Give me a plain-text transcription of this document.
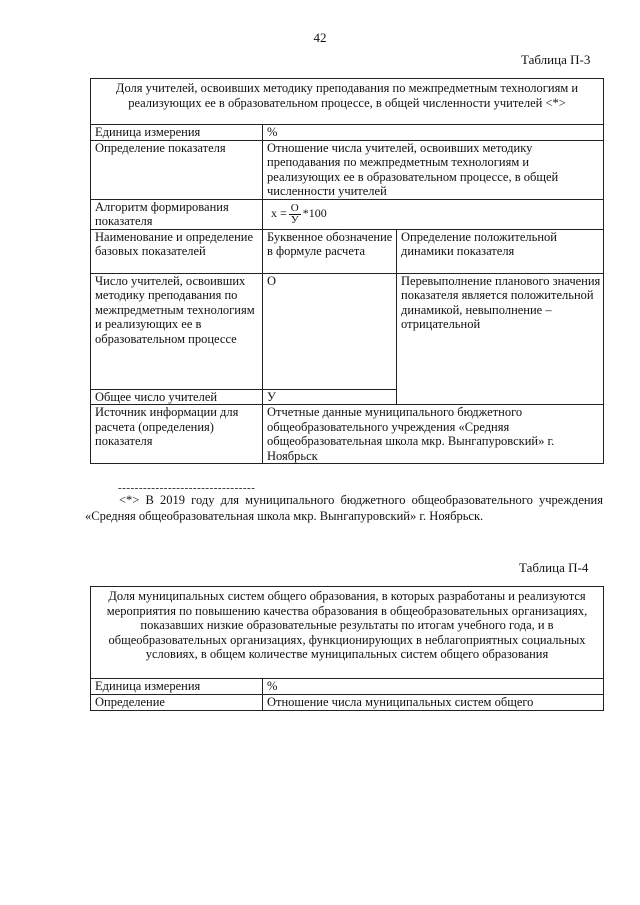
42
Таблица П-3
Доля учителей, освоивших методику преподавания по межпредметным технологиям и реализующих ее в образовательном процессе, в общей численности учителей <*>		
Единица измерения	%	
Определение показателя	Отношение числа учителей, освоивших методику преподавания по межпредметным технологиям и реализующих ее в образовательном процессе, в общей численности учителей	
Алгоритм формирования показателя	$x = \frac{О}{У} *100$	
Наименование и определение базовых показателей	Буквенное обозначение в формуле расчета	Определение положительной динамики показателя
Число учителей, освоивших методику преподавания по межпредметным технологиям и реализующих ее в образовательном процессе	О	Перевыполнение планового значения показателя является положительной динамикой, невыполнение – отрицательной
Общее число учителей	У	
Источник информации для расчета (определения) показателя	Отчетные данные муниципального бюджетного общеобразовательного учреждения «Средняя общеобразовательная школа мкр. Вынгапуровский» г. Ноябрьск	
---------------------------------
<*> В 2019 году для муниципального бюджетного общеобразовательного учреждения «Средняя общеобразовательная школа мкр. Вынгапуровский» г. Ноябрьск.
Таблица П-4
Доля муниципальных систем общего образования, в которых разработаны и реализуются мероприятия по повышению качества образования в общеобразовательных организациях, показавших низкие образовательные результаты по итогам учебного года, и в общеобразовательных организациях, функционирующих в неблагоприятных социальных условиях, в общем количестве муниципальных систем общего образования	
Единица измерения	%
Определение	Отношение числа муниципальных систем общего
